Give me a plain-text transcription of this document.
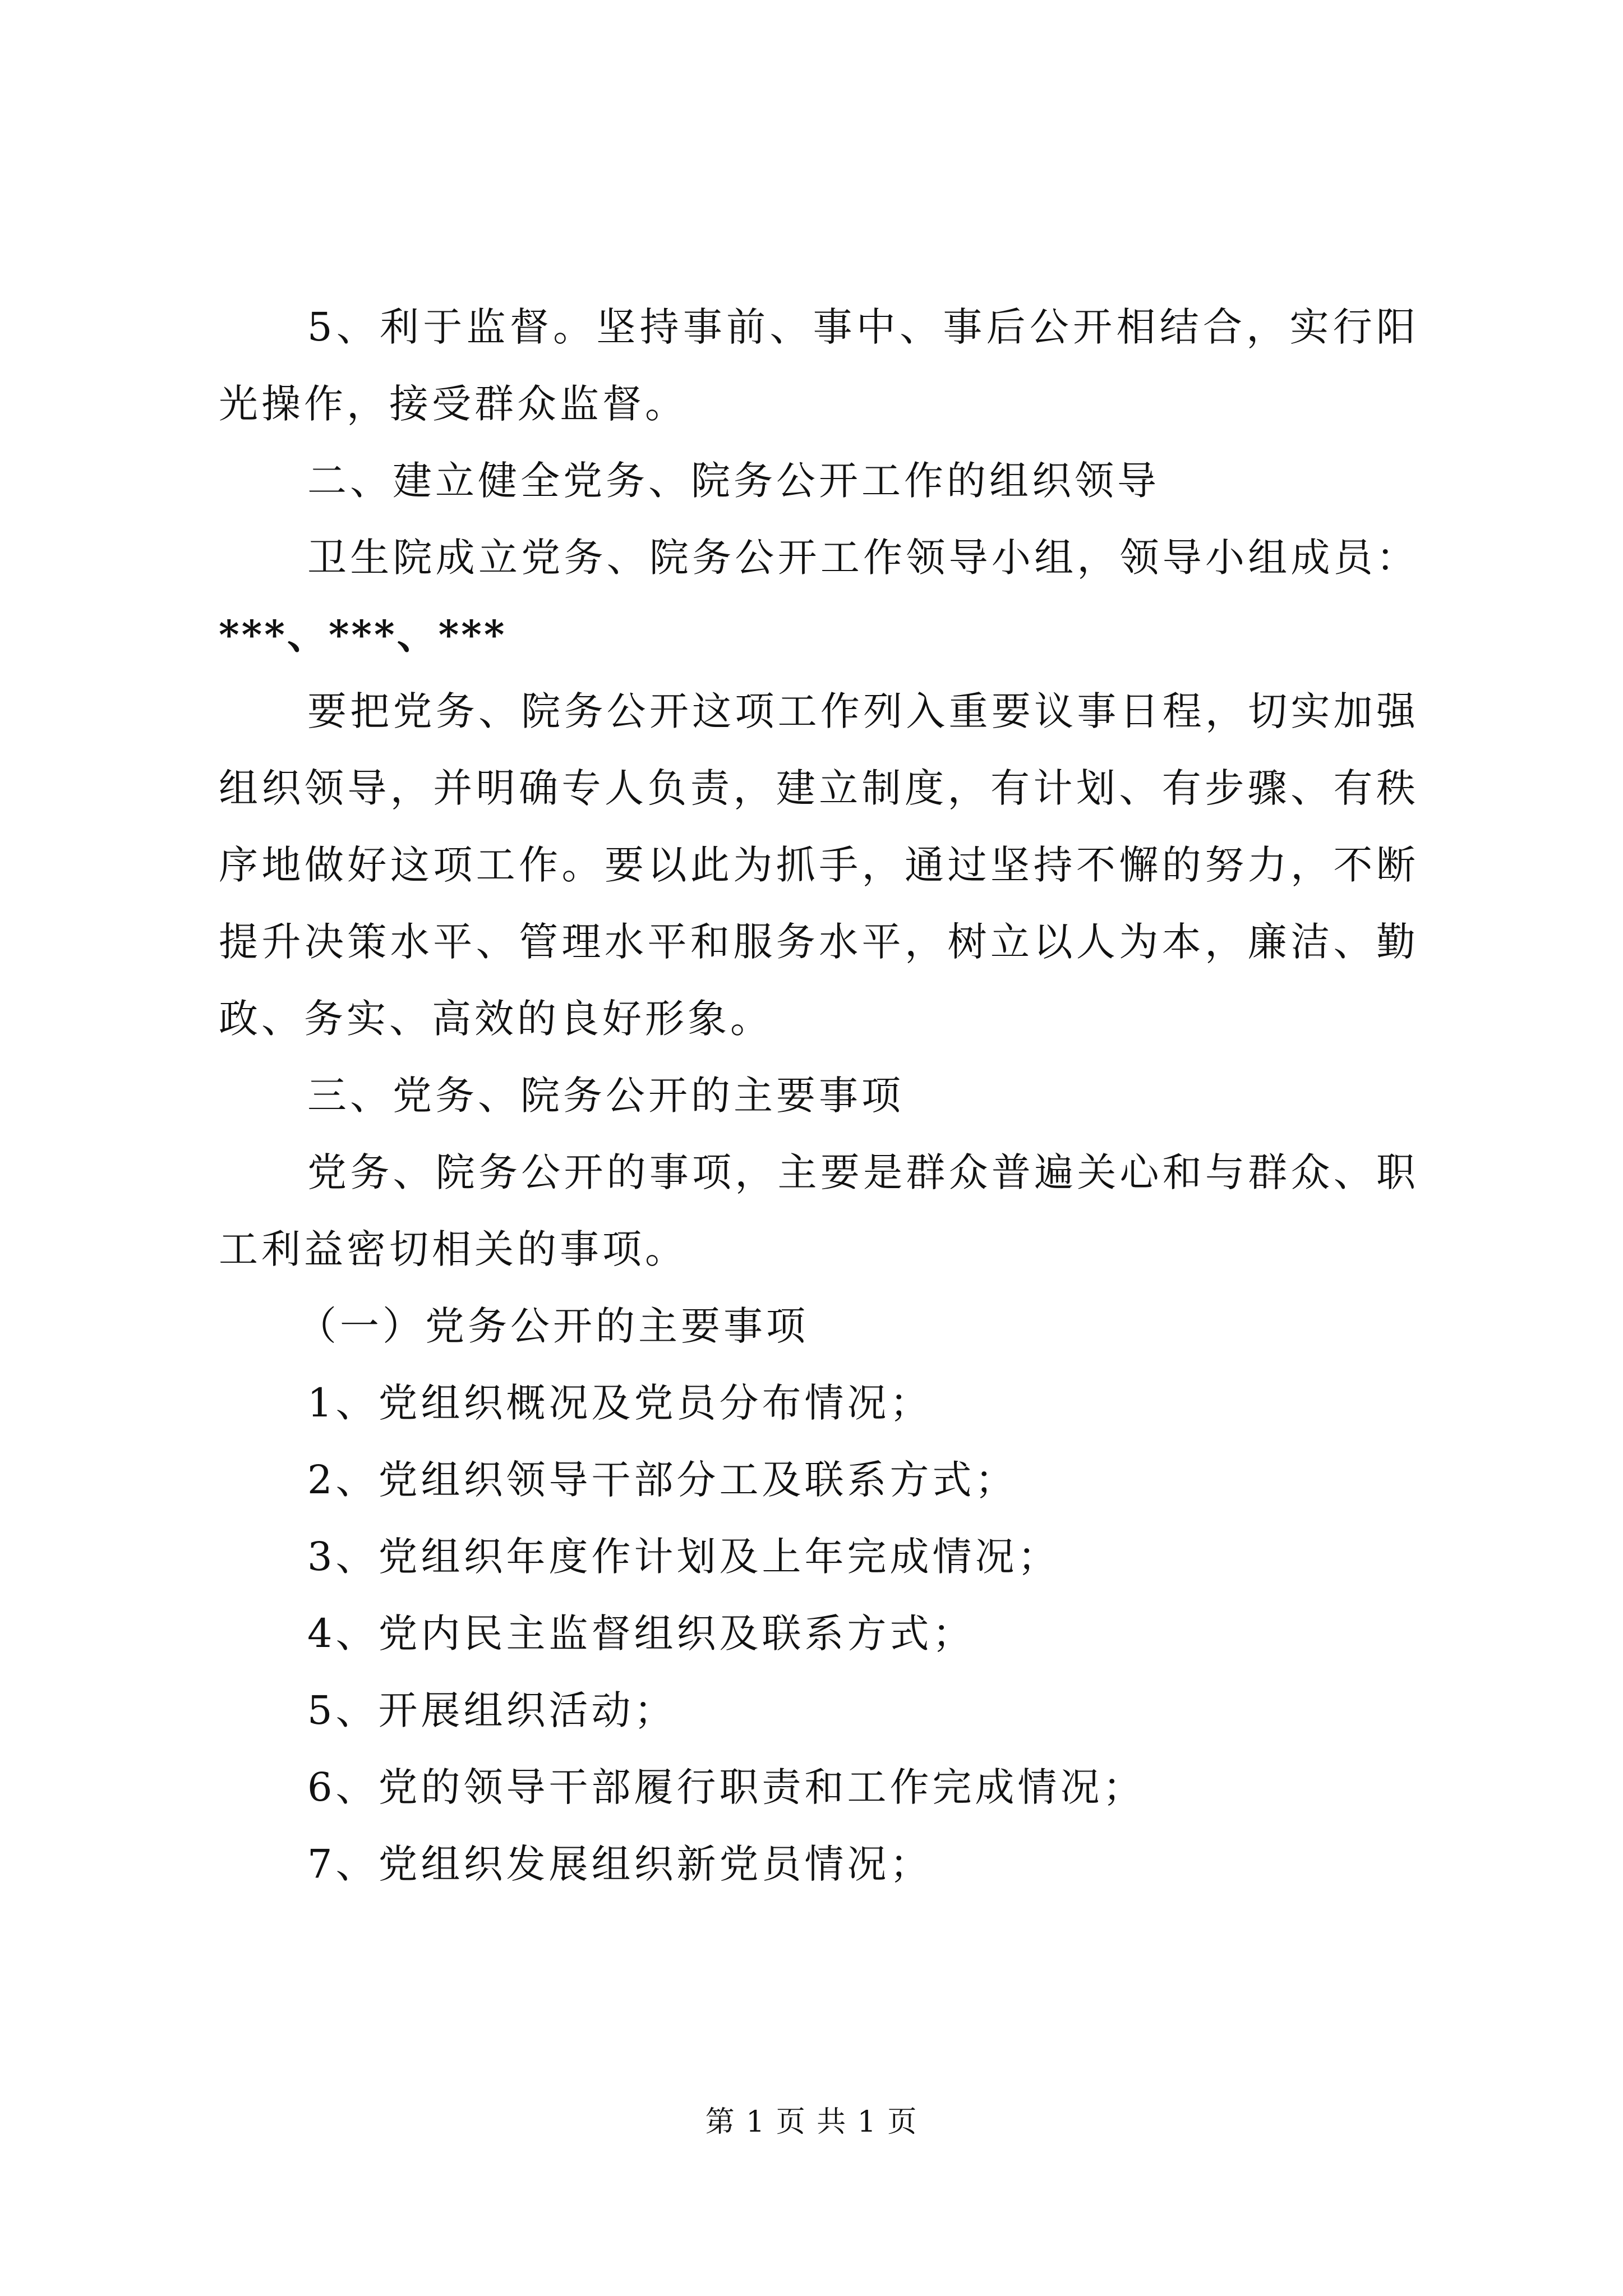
5、利于监督。坚持事前、事中、事后公开相结合，实行阳光操作，接受群众监督。

二、建立健全党务、院务公开工作的组织领导

卫生院成立党务、院务公开工作领导小组，领导小组成员：

***、***、***

要把党务、院务公开这项工作列入重要议事日程，切实加强组织领导，并明确专人负责，建立制度，有计划、有步骤、有秩序地做好这项工作。要以此为抓手，通过坚持不懈的努力，不断提升决策水平、管理水平和服务水平，树立以人为本，廉洁、勤政、务实、高效的良好形象。

三、党务、院务公开的主要事项

党务、院务公开的事项，主要是群众普遍关心和与群众、职工利益密切相关的事项。

（一）党务公开的主要事项

1、党组织概况及党员分布情况；

2、党组织领导干部分工及联系方式；

3、党组织年度作计划及上年完成情况；

4、党内民主监督组织及联系方式；

5、开展组织活动；

6、党的领导干部履行职责和工作完成情况；

7、党组织发展组织新党员情况；

第 1 页 共 1 页
